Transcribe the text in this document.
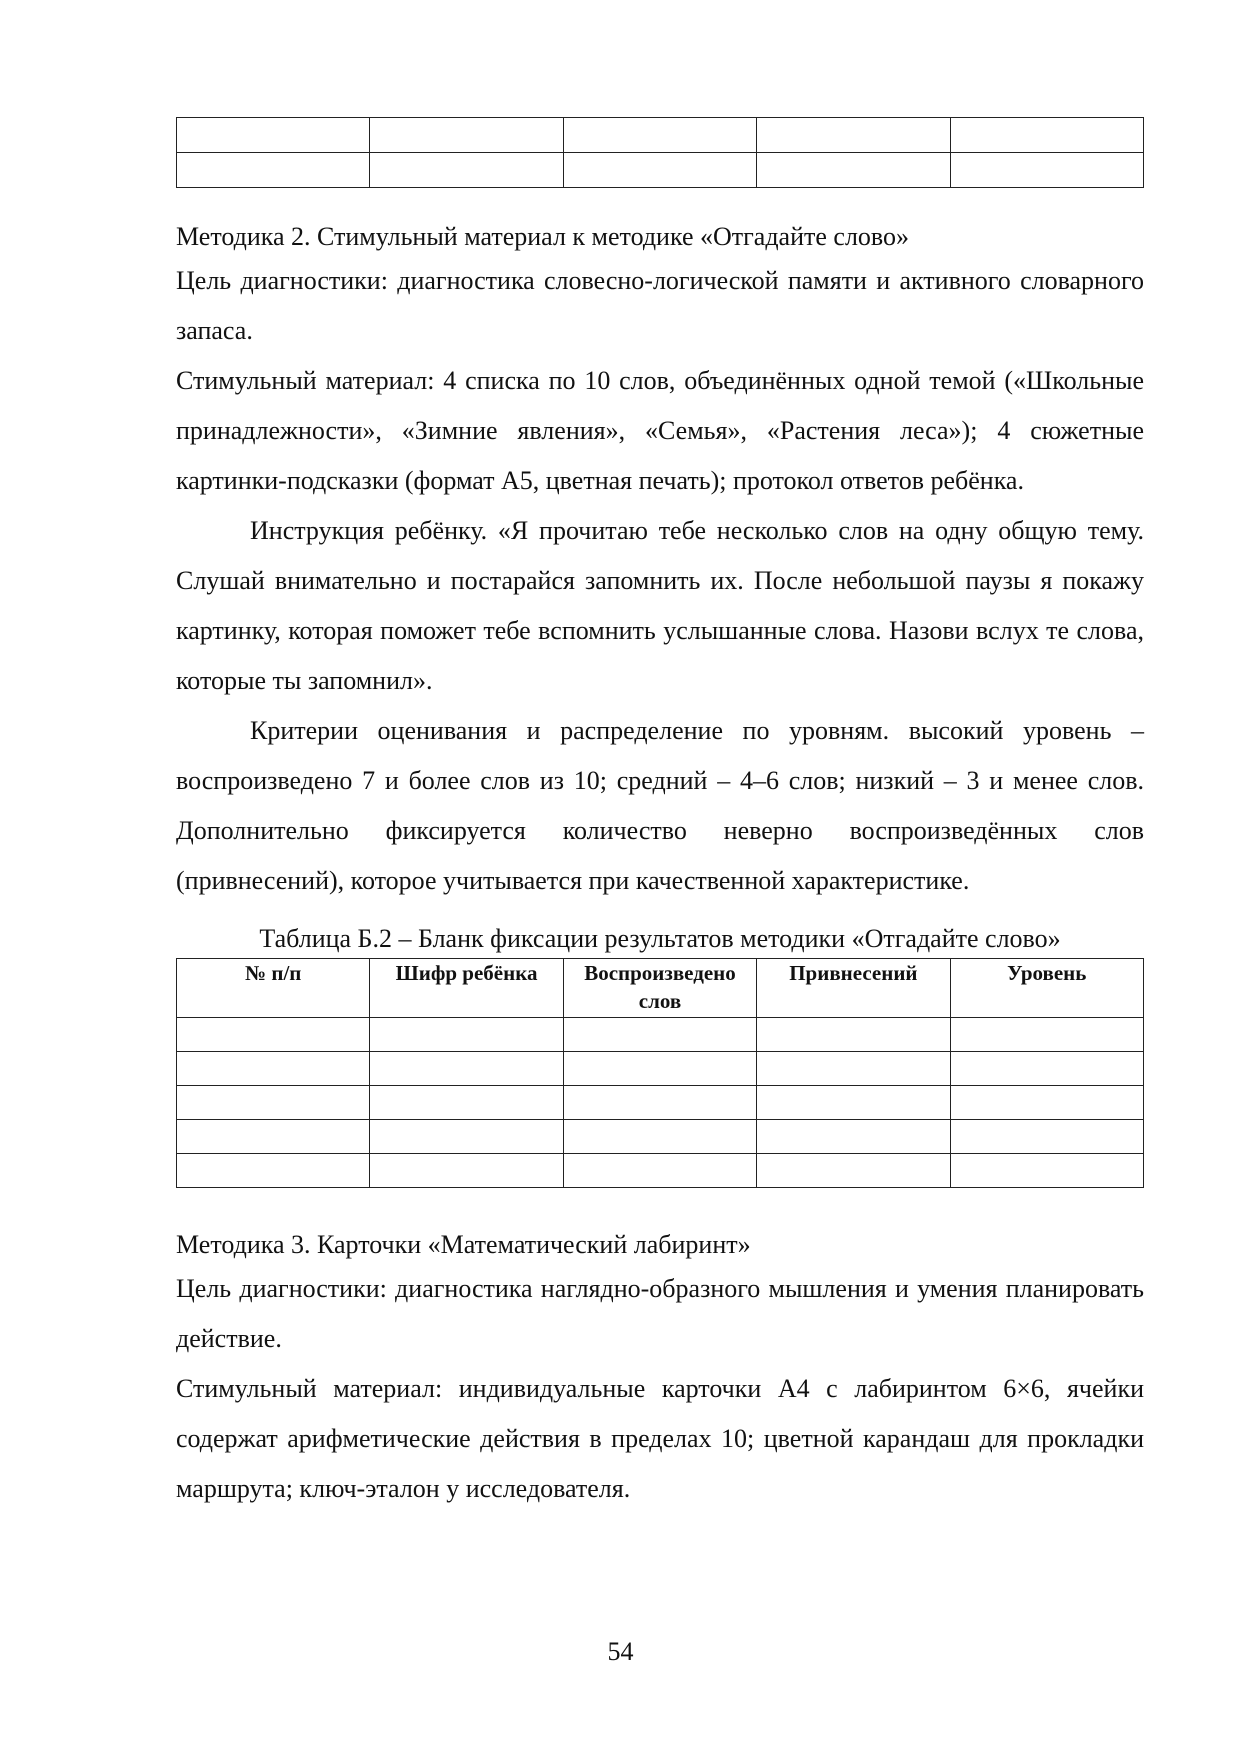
Методика 2. Стимульный материал к методике «Отгадайте слово»

Цель диагностики: диагностика словесно-логической памяти и активного словарного запаса.

Стимульный материал: 4 списка по 10 слов, объединённых одной темой («Школьные принадлежности», «Зимние явления», «Семья», «Растения леса»); 4 сюжетные картинки-подсказки (формат А5, цветная печать); протокол ответов ребёнка.

Инструкция ребёнку. «Я прочитаю тебе несколько слов на одну общую тему. Слушай внимательно и постарайся запомнить их. После небольшой паузы я покажу картинку, которая поможет тебе вспомнить услышанные слова. Назови вслух те слова, которые ты запомнил».

Критерии оценивания и распределение по уровням. высокий уровень – воспроизведено 7 и более слов из 10; средний – 4–6 слов; низкий – 3 и менее слов. Дополнительно фиксируется количество неверно воспроизведённых слов (привнесений), которое учитывается при качественной характеристике.

Таблица Б.2 – Бланк фиксации результатов методики «Отгадайте слово»

№ п/п	Шифр ребёнка	Воспроизведено слов	Привнесений	Уровень

Методика 3. Карточки «Математический лабиринт»

Цель диагностики: диагностика наглядно-образного мышления и умения планировать действие.

Стимульный материал: индивидуальные карточки А4 с лабиринтом 6×6, ячейки содержат арифметические действия в пределах 10; цветной карандаш для прокладки маршрута; ключ-эталон у исследователя.

54
